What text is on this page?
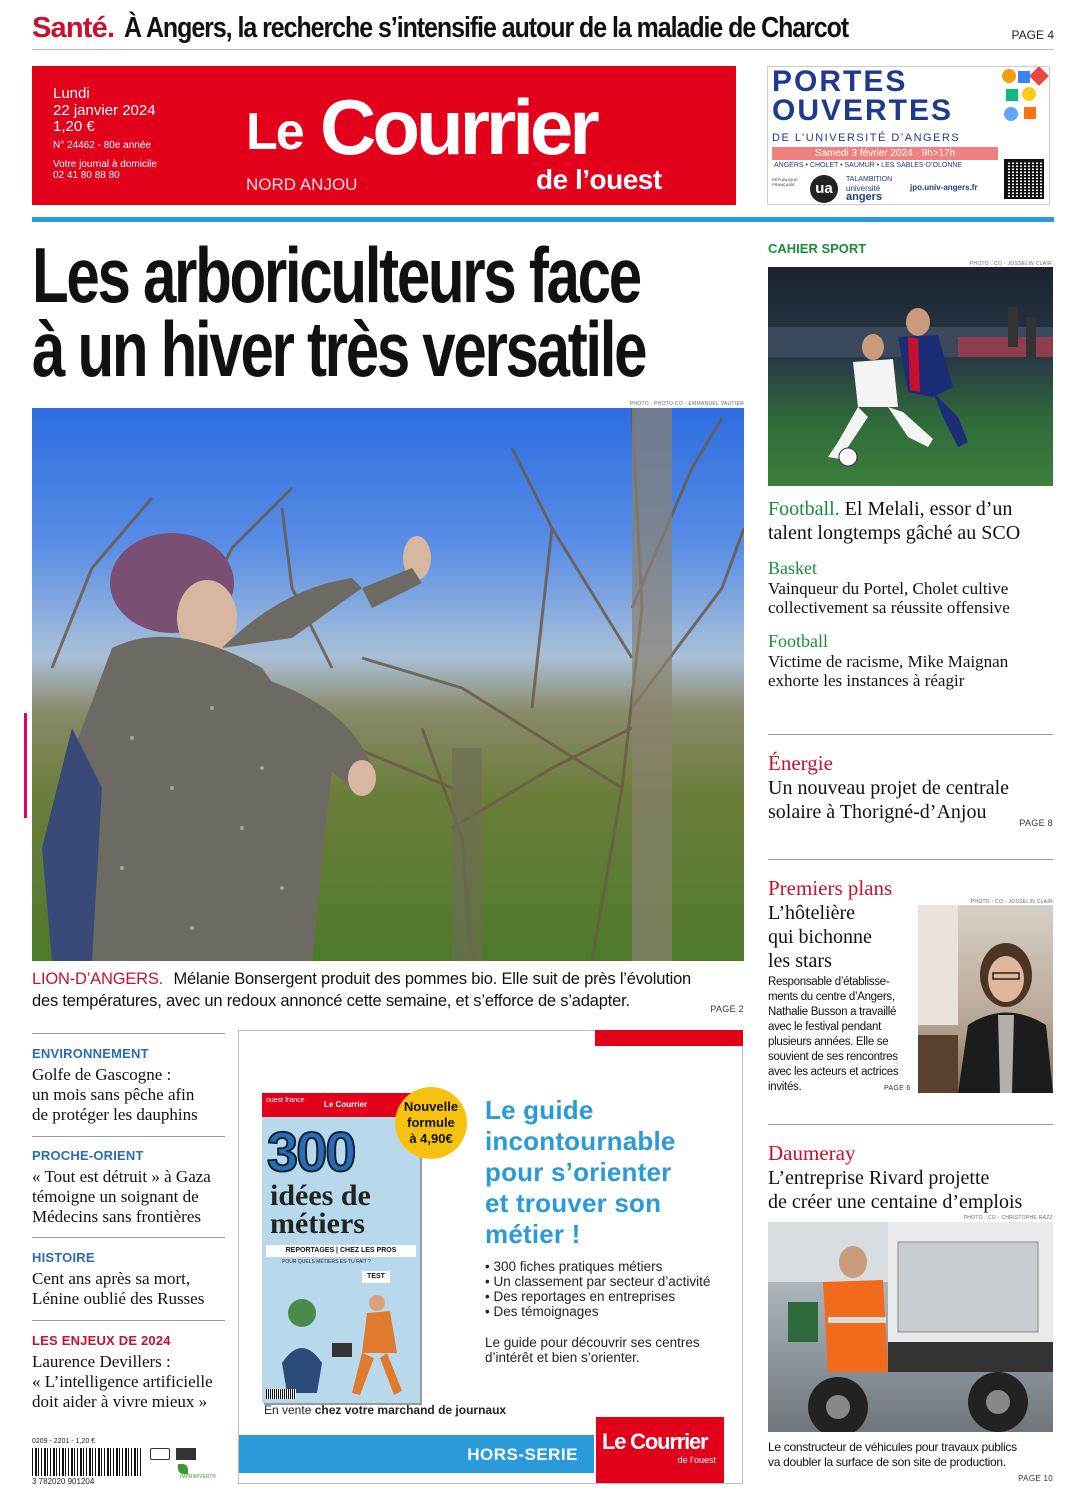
Santé. À Angers, la recherche s’intensifie autour de la maladie de Charcot	PAGE 4
Lundi
22 janvier 2024
1,20 €
N° 24462 - 80e année
Votre journal à domicile
02 41 80 88 80
Le Courrier
de l’ouest
NORD ANJOU
PORTES
OUVERTES
DE L’UNIVERSITÉ D’ANGERS
Samedi 3 février 2024 · 9h>17h
ANGERS • CHOLET • SAUMUR • LES SABLES-D’OLONNE
RÉPUBLIQUE FRANÇAISE	ua
TALAMBITION
université
angers
jpo.univ-angers.fr
Les arboriculteurs face
à un hiver très versatile
PHOTO : PHOTO CO - EMMANUEL VAUTIER
LION-D’ANGERS. Mélanie Bonsergent produit des pommes bio. Elle suit de près l’évolution
des températures, avec un redoux annoncé cette semaine, et s’efforce de s’adapter.	PAGE 2
CAHIER SPORT
PHOTO : CO - JOSSELIN CLAIR
Football. El Melali, essor d’un
talent longtemps gâché au SCO
Basket
Vainqueur du Portel, Cholet cultive
collectivement sa réussite offensive
Football
Victime de racisme, Mike Maignan
exhorte les instances à réagir
Énergie
Un nouveau projet de centrale
solaire à Thorigné-d’Anjou	PAGE 8
Premiers plans
L’hôtelière
qui bichonne
les stars
Responsable d’établisse-
ments du centre d’Angers,
Nathalie Busson a travaillé
avec le festival pendant
plusieurs années. Elle se
souvient de ses rencontres
avec les acteurs et actrices
invités.	PAGE 6
PHOTO : CO - JOSSELIN CLAIR
Daumeray
L’entreprise Rivard projette
de créer une centaine d’emplois
PHOTO : CO - CHRISTOPHE RAZZ
Le constructeur de véhicules pour travaux publics
va doubler la surface de son site de production.
PAGE 10
ENVIRONNEMENT
Golfe de Gascogne :
un mois sans pêche afin
de protéger les dauphins
PROCHE-ORIENT
« Tout est détruit » à Gaza
témoigne un soignant de
Médecins sans frontières
HISTOIRE
Cent ans après sa mort,
Lénine oublié des Russes
LES ENJEUX DE 2024
Laurence Devillers :
« L’intelligence artificielle
doit aider à vivre mieux »
0209 - 2201 - 1,20 €
3 782020 901204	IMPRIM’VERT®
ouest france Le Courrier
300
idées de
métiers
REPORTAGES | CHEZ LES PROS
POUR QUELS MÉTIERS ES-TU FAIT ?
TEST
Nouvelle
formule
à 4,90€
Le guide
incontournable
pour s’orienter
et trouver son
métier !
• 300 fiches pratiques métiers
• Un classement par secteur d’activité
• Des reportages en entreprises
• Des témoignages
Le guide pour découvrir ses centres
d’intérêt et bien s’orienter.
En vente chez votre marchand de journaux
HORS-SERIE
Le Courrier
de l’ouest
